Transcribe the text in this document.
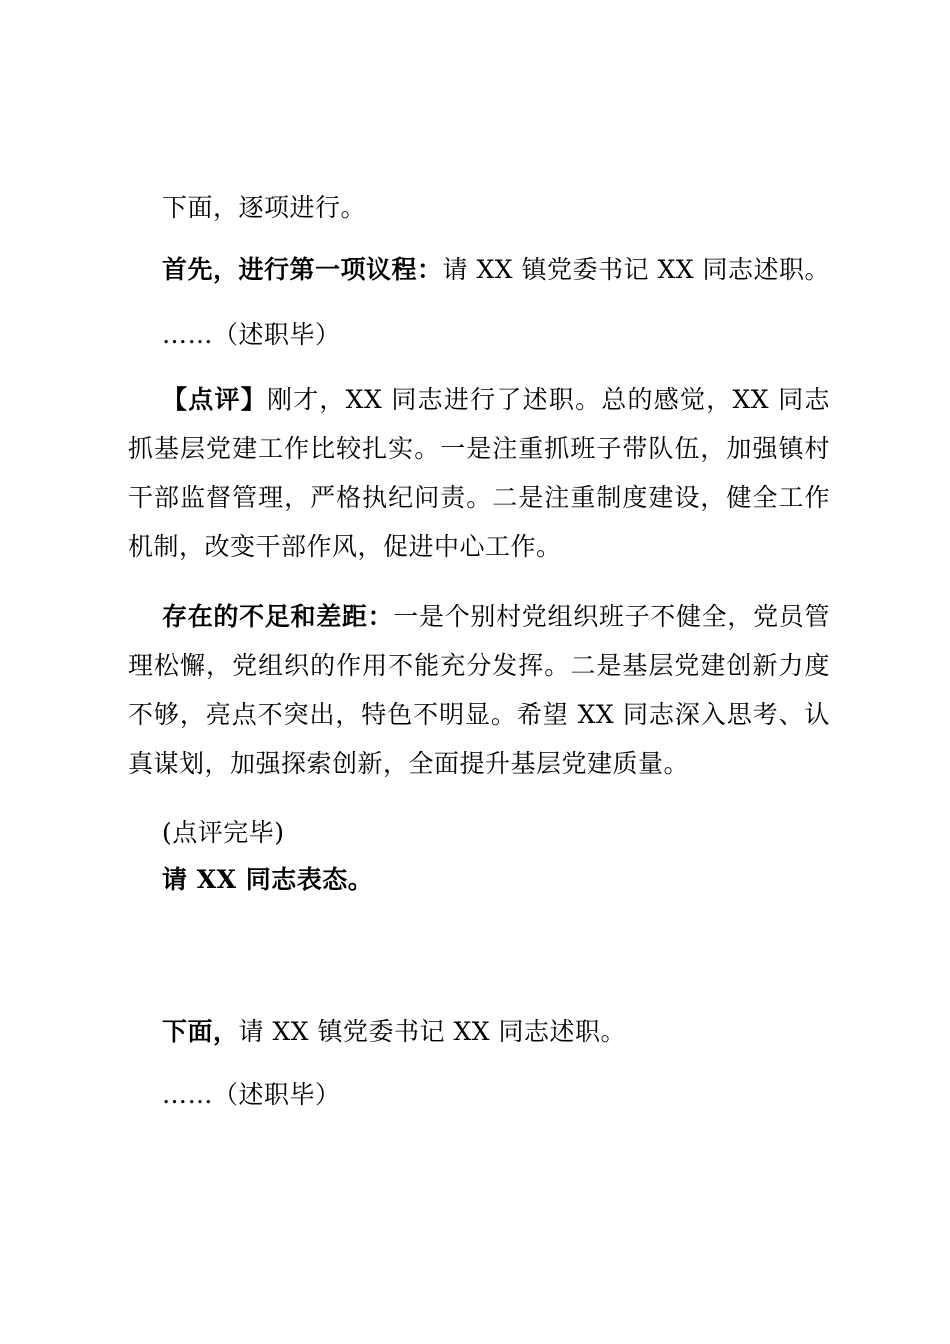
下面，逐项进行。

首先，进行第一项议程：请 XX 镇党委书记 XX 同志述职。

……（述职毕）

【点评】刚才，XX 同志进行了述职。总的感觉，XX 同志抓基层党建工作比较扎实。一是注重抓班子带队伍，加强镇村干部监督管理，严格执纪问责。二是注重制度建设，健全工作机制，改变干部作风，促进中心工作。

存在的不足和差距：一是个别村党组织班子不健全，党员管理松懈，党组织的作用不能充分发挥。二是基层党建创新力度不够，亮点不突出，特色不明显。希望 XX 同志深入思考、认真谋划，加强探索创新，全面提升基层党建质量。

(点评完毕)

请 XX 同志表态。

下面，请 XX 镇党委书记 XX 同志述职。

……（述职毕）
